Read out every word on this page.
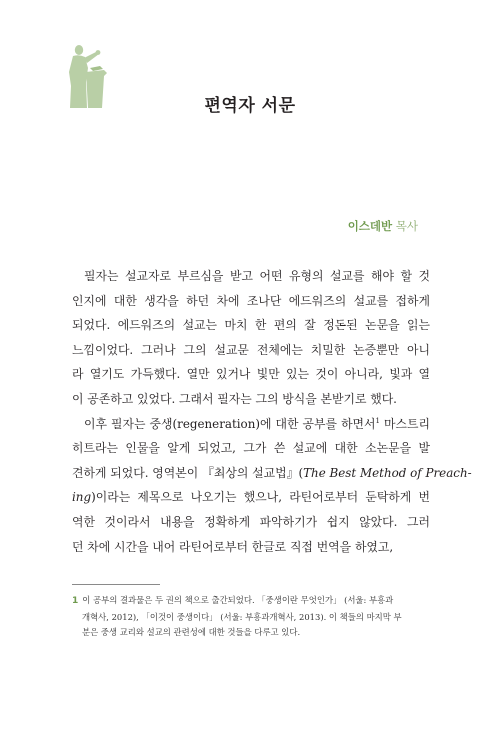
편역자 서문
이스데반 목사
필자는 설교자로 부르심을 받고 어떤 유형의 설교를 해야 할 것
인지에 대한 생각을 하던 차에 조나단 에드워즈의 설교를 접하게
되었다. 에드워즈의 설교는 마치 한 편의 잘 정돈된 논문을 읽는
느낌이었다. 그러나 그의 설교문 전체에는 치밀한 논증뿐만 아니
라 열기도 가득했다. 열만 있거나 빛만 있는 것이 아니라, 빛과 열
이 공존하고 있었다. 그래서 필자는 그의 방식을 본받기로 했다.
이후 필자는 중생(regeneration)에 대한 공부를 하면서$^1$ 마스트리
히트라는 인물을 알게 되었고, 그가 쓴 설교에 대한 소논문을 발
견하게 되었다. 영역본이 『최상의 설교법』(The Best Method of Preach-
ing)이라는 제목으로 나오기는 했으나, 라틴어로부터 둔탁하게 번
역한 것이라서 내용을 정확하게 파악하기가 쉽지 않았다. 그러
던 차에 시간을 내어 라틴어로부터 한글로 직접 번역을 하였고,
1 이 공부의 결과물은 두 권의 책으로 출간되었다. 「중생이란 무엇인가」 (서울: 부흥과
개혁사, 2012), 「이것이 중생이다」 (서울: 부흥과개혁사, 2013). 이 책들의 마지막 부
분은 중생 교리와 설교의 관련성에 대한 것들을 다루고 있다.
